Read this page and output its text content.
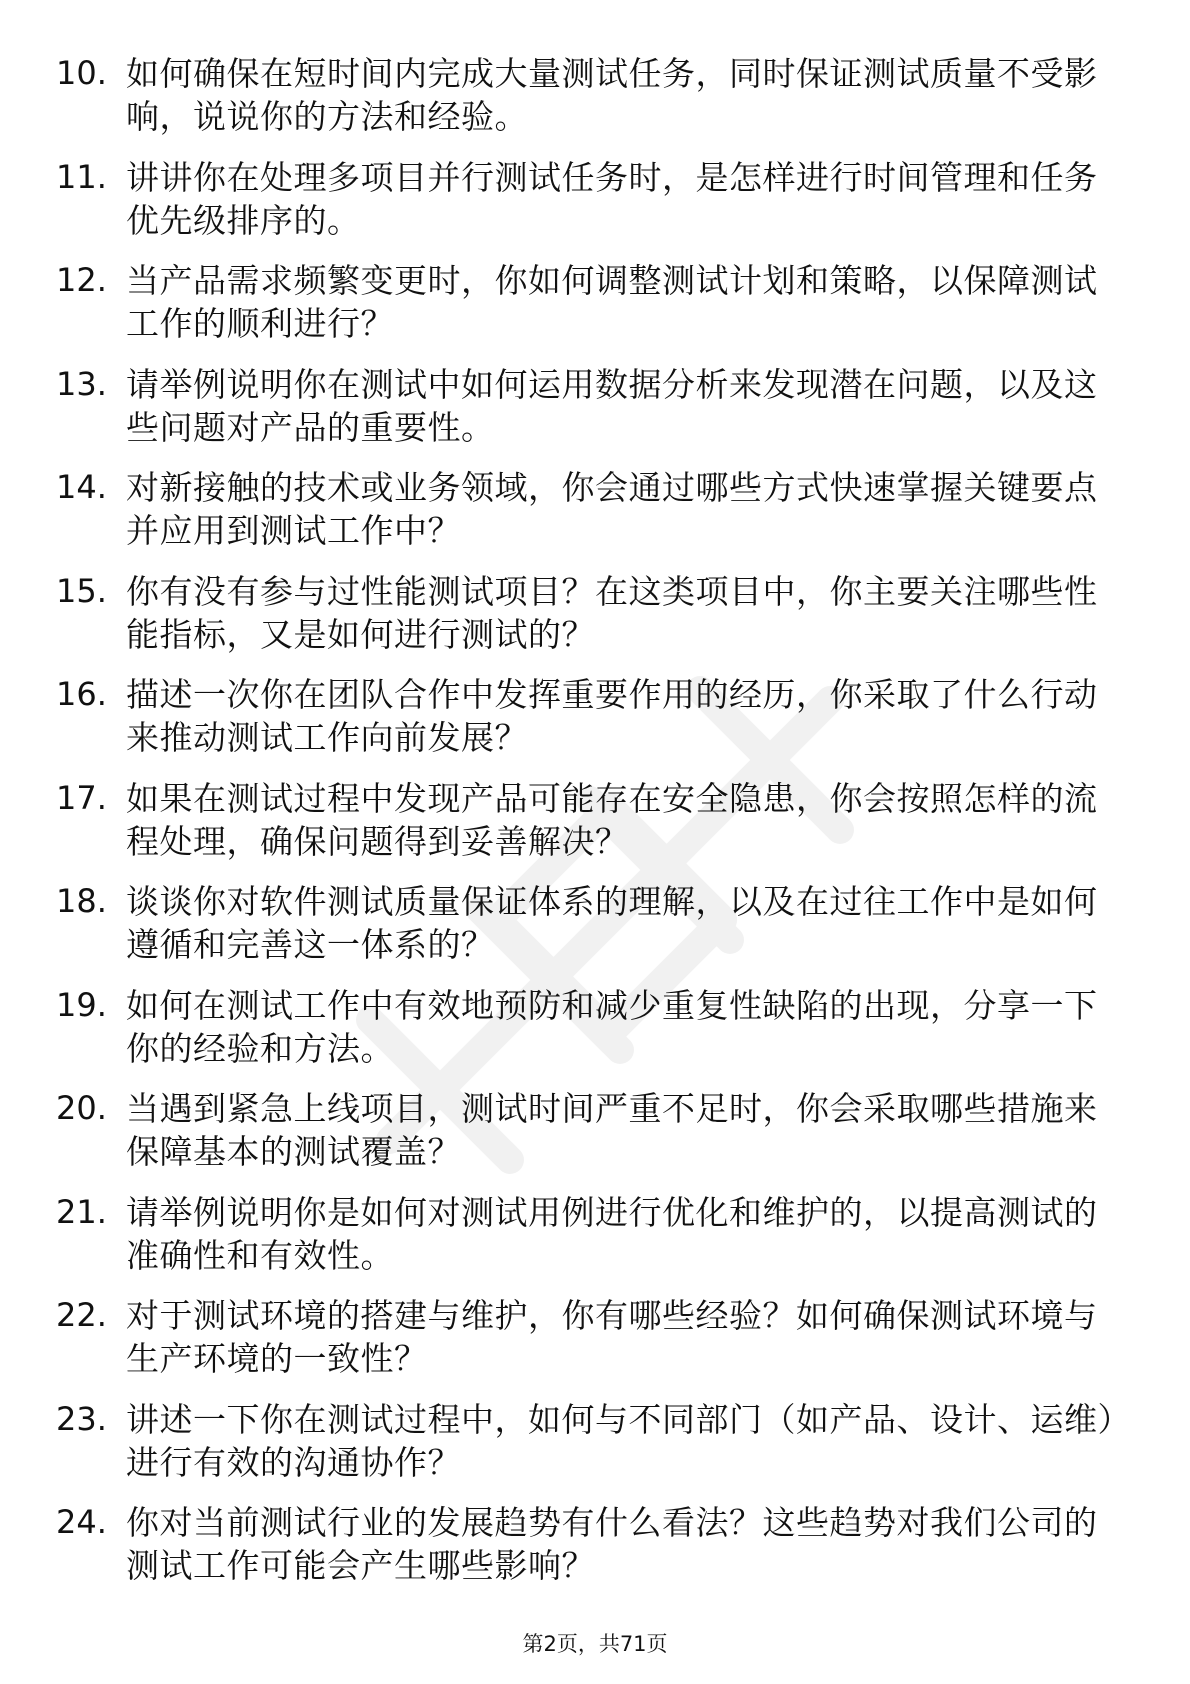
10. 如何确保在短时间内完成大量测试任务，同时保证测试质量不受影响，说说你的方法和经验。
11. 讲讲你在处理多项目并行测试任务时，是怎样进行时间管理和任务优先级排序的。
12. 当产品需求频繁变更时，你如何调整测试计划和策略，以保障测试工作的顺利进行？
13. 请举例说明你在测试中如何运用数据分析来发现潜在问题，以及这些问题对产品的重要性。
14. 对新接触的技术或业务领域，你会通过哪些方式快速掌握关键要点并应用到测试工作中？
15. 你有没有参与过性能测试项目？在这类项目中，你主要关注哪些性能指标，又是如何进行测试的？
16. 描述一次你在团队合作中发挥重要作用的经历，你采取了什么行动来推动测试工作向前发展？
17. 如果在测试过程中发现产品可能存在安全隐患，你会按照怎样的流程处理，确保问题得到妥善解决？
18. 谈谈你对软件测试质量保证体系的理解，以及在过往工作中是如何遵循和完善这一体系的？
19. 如何在测试工作中有效地预防和减少重复性缺陷的出现，分享一下你的经验和方法。
20. 当遇到紧急上线项目，测试时间严重不足时，你会采取哪些措施来保障基本的测试覆盖？
21. 请举例说明你是如何对测试用例进行优化和维护的，以提高测试的准确性和有效性。
22. 对于测试环境的搭建与维护，你有哪些经验？如何确保测试环境与生产环境的一致性？
23. 讲述一下你在测试过程中，如何与不同部门（如产品、设计、运维）进行有效的沟通协作？
24. 你对当前测试行业的发展趋势有什么看法？这些趋势对我们公司的测试工作可能会产生哪些影响？
第2页，共71页
